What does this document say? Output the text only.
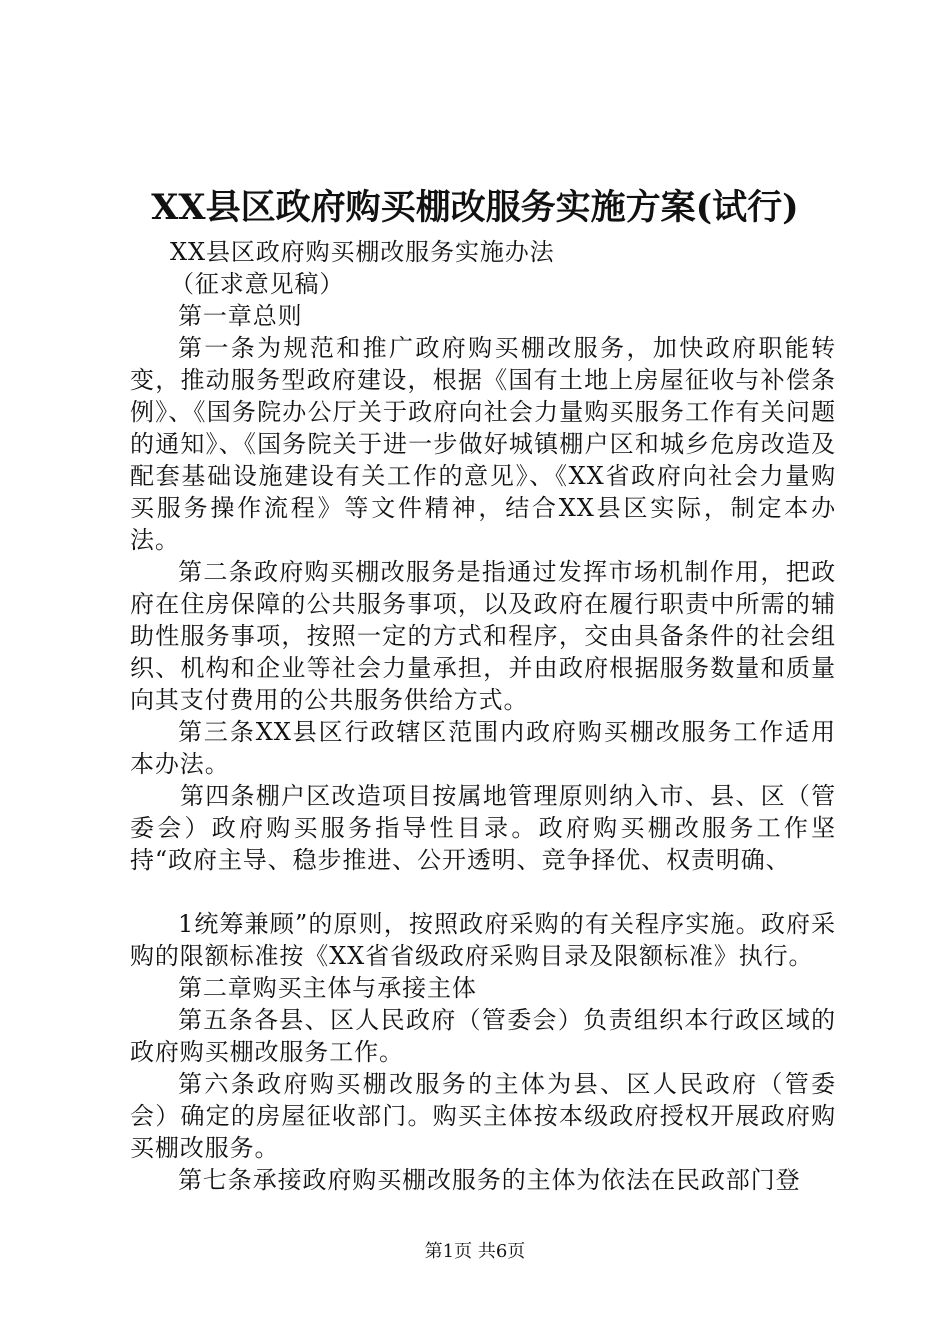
XX县区政府购买棚改服务实施方案(试行)

XX县区政府购买棚改服务实施办法

（征求意见稿）

第一章总则

第一条为规范和推广政府购买棚改服务，加快政府职能转变，推动服务型政府建设，根据《国有土地上房屋征收与补偿条例》、《国务院办公厅关于政府向社会力量购买服务工作有关问题的通知》、《国务院关于进一步做好城镇棚户区和城乡危房改造及配套基础设施建设有关工作的意见》、《XX省政府向社会力量购买服务操作流程》等文件精神，结合XX县区实际，制定本办法。

第二条政府购买棚改服务是指通过发挥市场机制作用，把政府在住房保障的公共服务事项，以及政府在履行职责中所需的辅助性服务事项，按照一定的方式和程序，交由具备条件的社会组织、机构和企业等社会力量承担，并由政府根据服务数量和质量向其支付费用的公共服务供给方式。

第三条XX县区行政辖区范围内政府购买棚改服务工作适用本办法。

第四条棚户区改造项目按属地管理原则纳入市、县、区（管委会）政府购买服务指导性目录。政府购买棚改服务工作坚持“政府主导、稳步推进、公开透明、竞争择优、权责明确、

1统筹兼顾”的原则，按照政府采购的有关程序实施。政府采购的限额标准按《XX省省级政府采购目录及限额标准》执行。

第二章购买主体与承接主体

第五条各县、区人民政府（管委会）负责组织本行政区域的政府购买棚改服务工作。

第六条政府购买棚改服务的主体为县、区人民政府（管委会）确定的房屋征收部门。购买主体按本级政府授权开展政府购买棚改服务。

第七条承接政府购买棚改服务的主体为依法在民政部门登

第1页 共6页
